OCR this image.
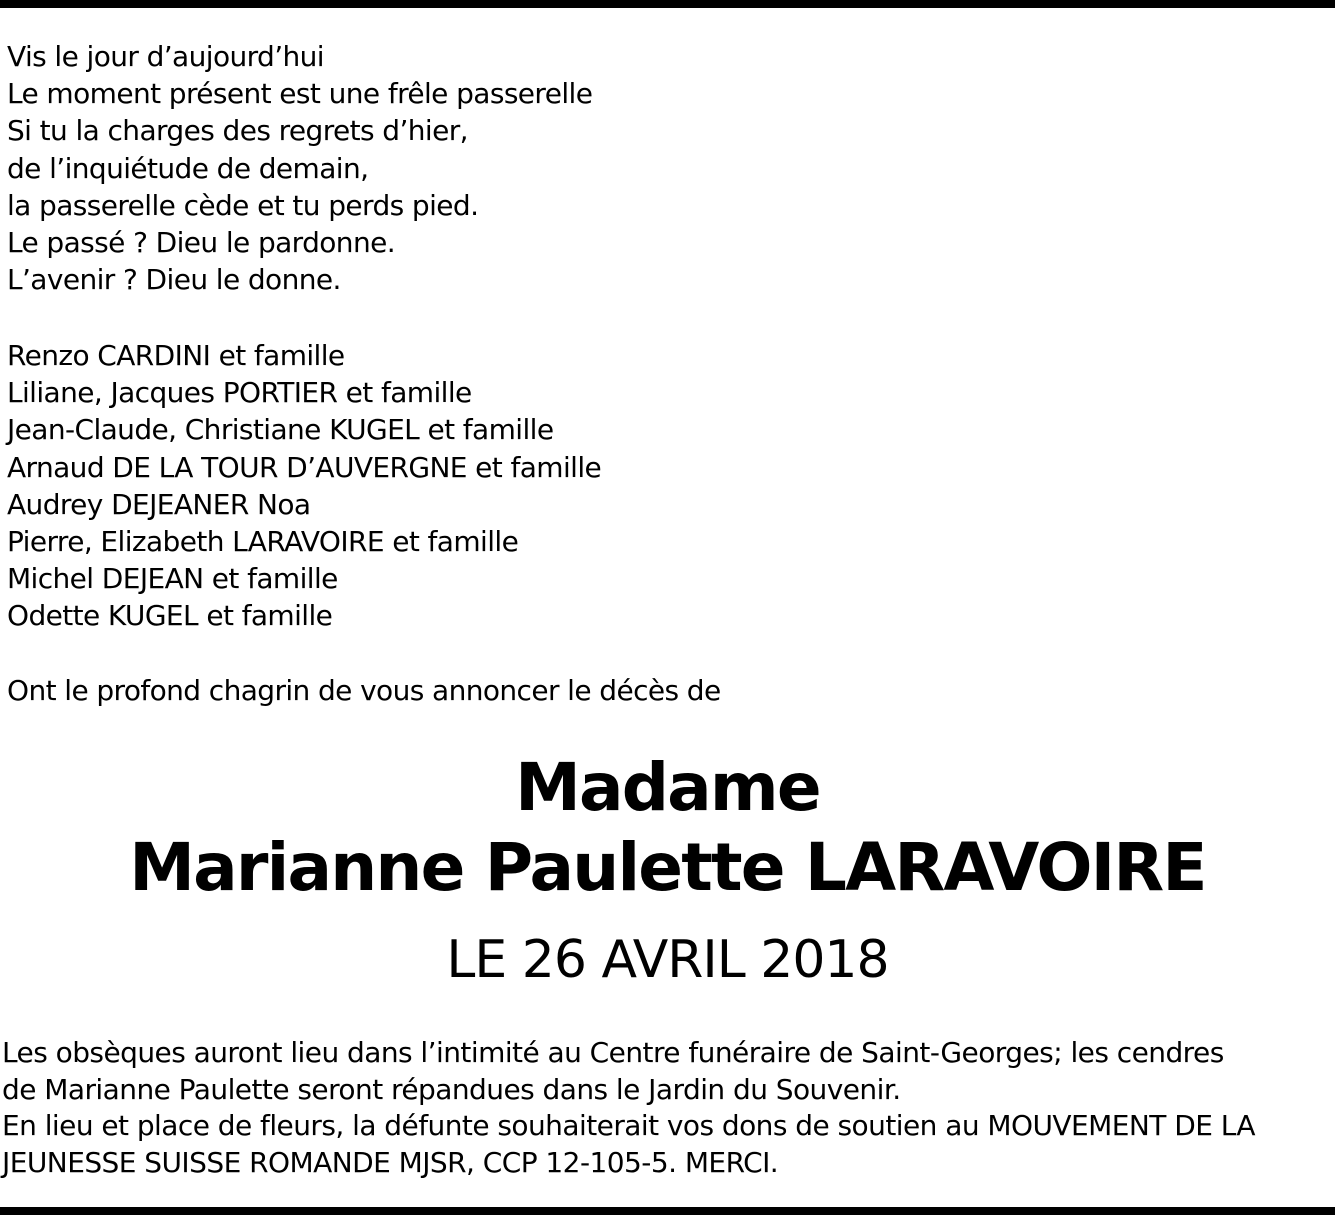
Vis le jour d’aujourd’hui
Le moment présent est une frêle passerelle
Si tu la charges des regrets d’hier,
de l’inquiétude de demain,
la passerelle cède et tu perds pied.
Le passé ? Dieu le pardonne.
L’avenir ? Dieu le donne.
Renzo CARDINI et famille
Liliane, Jacques PORTIER et famille
Jean-Claude, Christiane KUGEL et famille
Arnaud DE LA TOUR D’AUVERGNE et famille
Audrey DEJEANER Noa
Pierre, Elizabeth LARAVOIRE et famille
Michel DEJEAN et famille
Odette KUGEL et famille
Ont le profond chagrin de vous annoncer le décès de
Madame
Marianne Paulette LARAVOIRE
LE 26 AVRIL 2018
Les obsèques auront lieu dans l’intimité au Centre funéraire de Saint-Georges; les cendres
de Marianne Paulette seront répandues dans le Jardin du Souvenir.
En lieu et place de fleurs, la défunte souhaiterait vos dons de soutien au MOUVEMENT DE LA
JEUNESSE SUISSE ROMANDE MJSR, CCP 12-105-5. MERCI.
